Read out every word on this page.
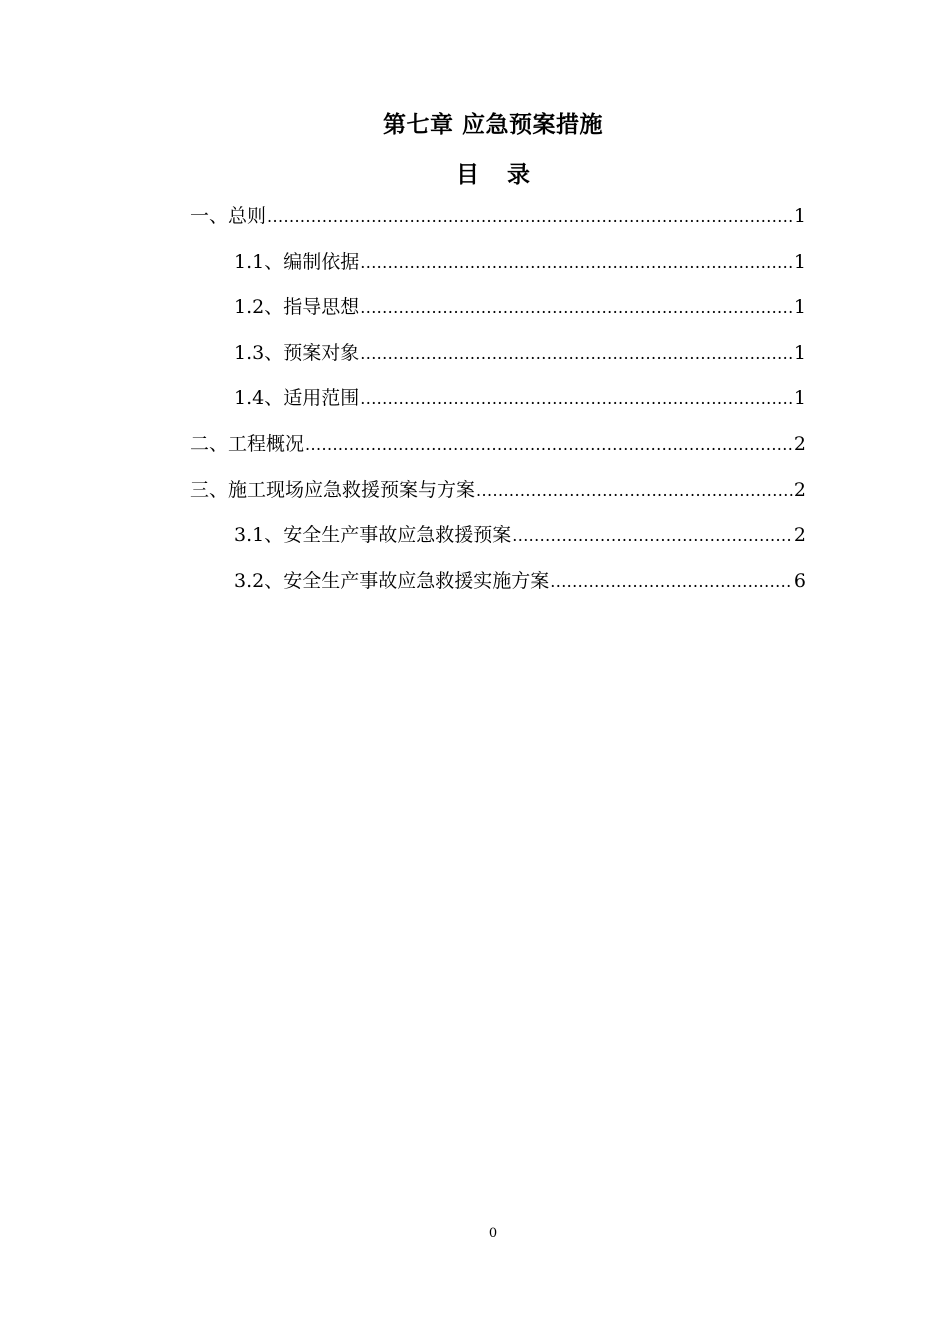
第七章 应急预案措施
目录
一、总则 .....	1
1.1、编制依据 .....	1
1.2、指导思想 .....	1
1.3、预案对象 .....	1
1.4、适用范围 .....	1
二、工程概况 .....	2
三、施工现场应急救援预案与方案 .....	2
3.1、安全生产事故应急救援预案 .....	2
3.2、安全生产事故应急救援实施方案 .....	6

0
